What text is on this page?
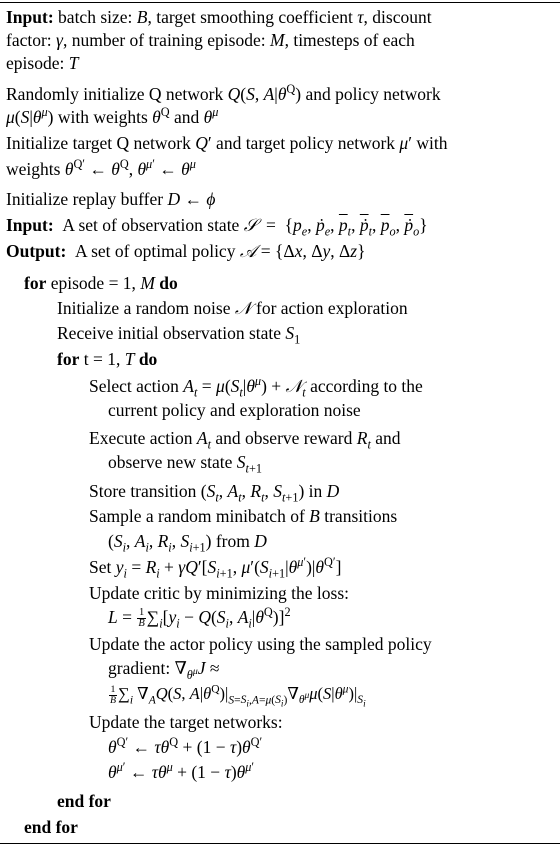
Input: batch size: B, target smoothing coefficient τ, discount
factor: γ, number of training episode: M, timesteps of each
episode: T
Randomly initialize Q network Q(S, $A|\theta^Q$) and policy network
$\mu(S|\theta^\mu)$ with weights $\theta^Q$ and $\theta^\mu$
Initialize target Q network Q′ and target policy network μ′ with
weights $\theta^{Q'}$ ← $\theta^Q$, $\theta^{\mu'}$ ← $\theta^\mu$
Initialize replay buffer D ← ϕ
Input:  A set of observation state 𝒮  =  {$p_e$, ṗ$_e$, $\overline{p}_t$, $\overline{ṗ}_t$, $\overline{p}_o$, $\overline{ṗ}_o$}
Output:  A set of optimal policy 𝒜 = {Δx, Δy, Δz}
for episode = 1, M do
Initialize a random noise 𝒩 for action exploration
Receive initial observation state $S_1$
for t = 1, T do
Select action $A_t = \mu(S_t|\theta^\mu)$ + 𝒩$_t$ according to the
current policy and exploration noise
Execute action $A_t$ and observe reward $R_t$ and
observe new state $S_{t+1}$
Store transition ($S_t$, $A_t$, $R_t$, $S_{t+1}$) in D
Sample a random minibatch of B transitions
($S_i$, $A_i$, $R_i$, $S_{i+1}$) from D
Set $y_i = R_i + \gamma Q'[S_{i+1}$, $\mu'(S_{i+1}|\theta^{\mu'})|\theta^{Q'}$]
Update critic by minimizing the loss:
$L = \frac{1}{B} \sum_i[y_i - Q(S_i$, $A_i|\theta^Q)]^2$
Update the actor policy using the sampled policy
gradient: $\nabla_{\theta^\mu}J$ ≈
$\frac{1}{B} \sum_i$ $\nabla_AQ(S$, $A|\theta^Q)|_{S=S_i,A=\mu(S_i)}\nabla_{\theta^\mu}\mu(S|\theta^\mu)|_{S_i}$
Update the target networks:
$\theta^{Q'}$ ← $\tau\theta^Q + (1 - \tau)\theta^{Q'}$
$\theta^{\mu'}$ ← $\tau\theta^\mu + (1 - \tau)\theta^{\mu'}$
end for
end for
